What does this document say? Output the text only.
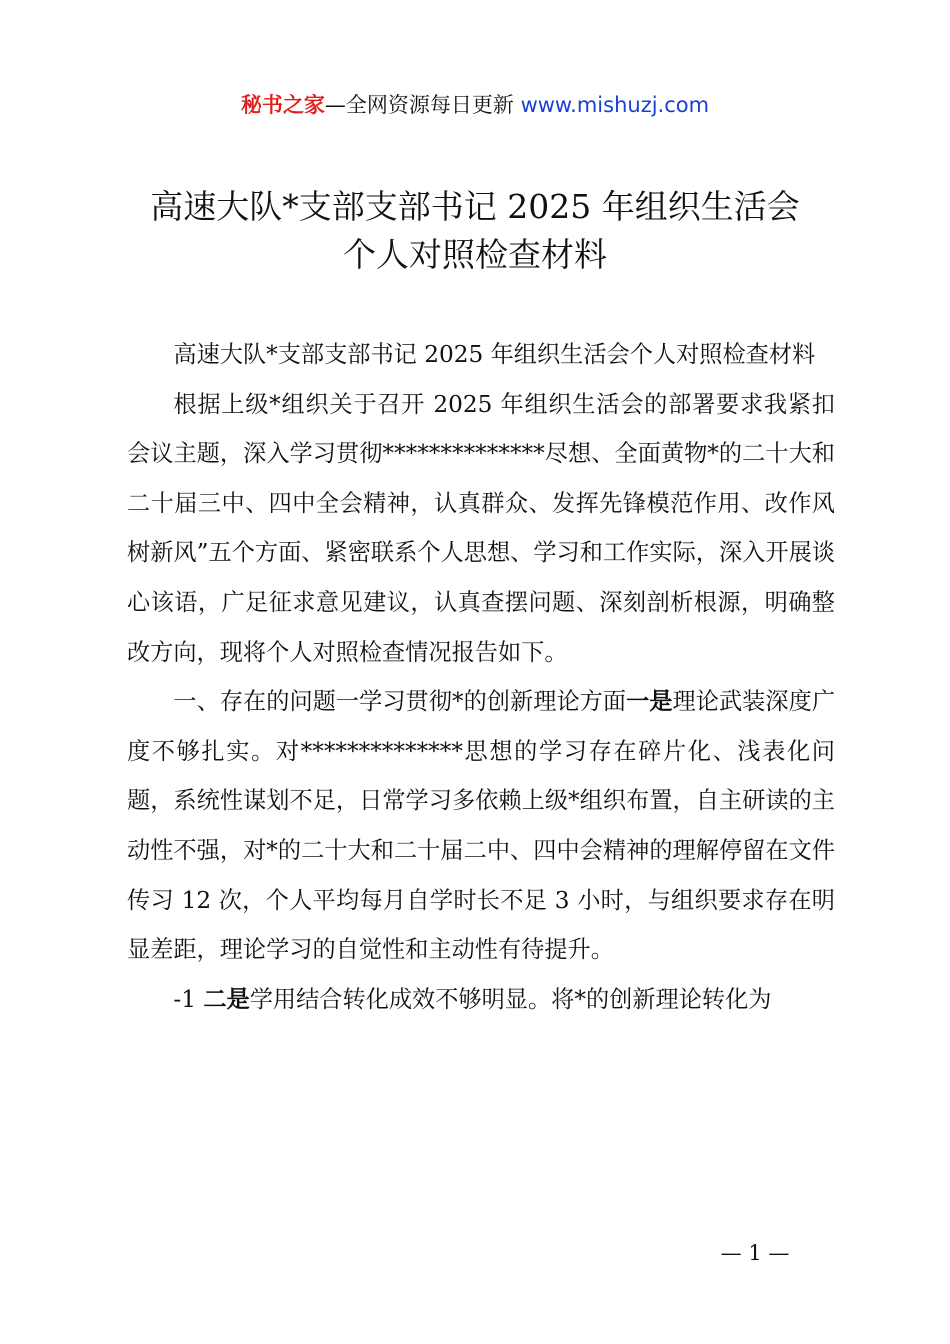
秘书之家—全网资源每日更新 www.mishuzj.com
高速大队*支部支部书记 2025 年组织生活会
个人对照检查材料

高速大队*支部支部书记 2025 年组织生活会个人对照检查材料

根据上级*组织关于召开 2025 年组织生活会的部署要求我紧扣会议主题，深入学习贯彻**************尽想、全面黄物*的二十大和二十届三中、四中全会精神，认真群众、发挥先锋模范作用、改作风树新风”五个方面、紧密联系个人思想、学习和工作实际，深入开展谈心该语，广足征求意见建议，认真查摆问题、深刻剖析根源，明确整改方向，现将个人对照检查情况报告如下。

一、存在的问题一学习贯彻*的创新理论方面一是理论武装深度广度不够扎实。对**************思想的学习存在碎片化、浅表化问题，系统性谋划不足，日常学习多依赖上级*组织布置，自主研读的主动性不强，对*的二十大和二十届二中、四中会精神的理解停留在文件传习 12 次，个人平均每月自学时长不足 3 小时，与组织要求存在明显差距，理论学习的自觉性和主动性有待提升。

-1 二是学用结合转化成效不够明显。将*的创新理论转化为

— 1 —
